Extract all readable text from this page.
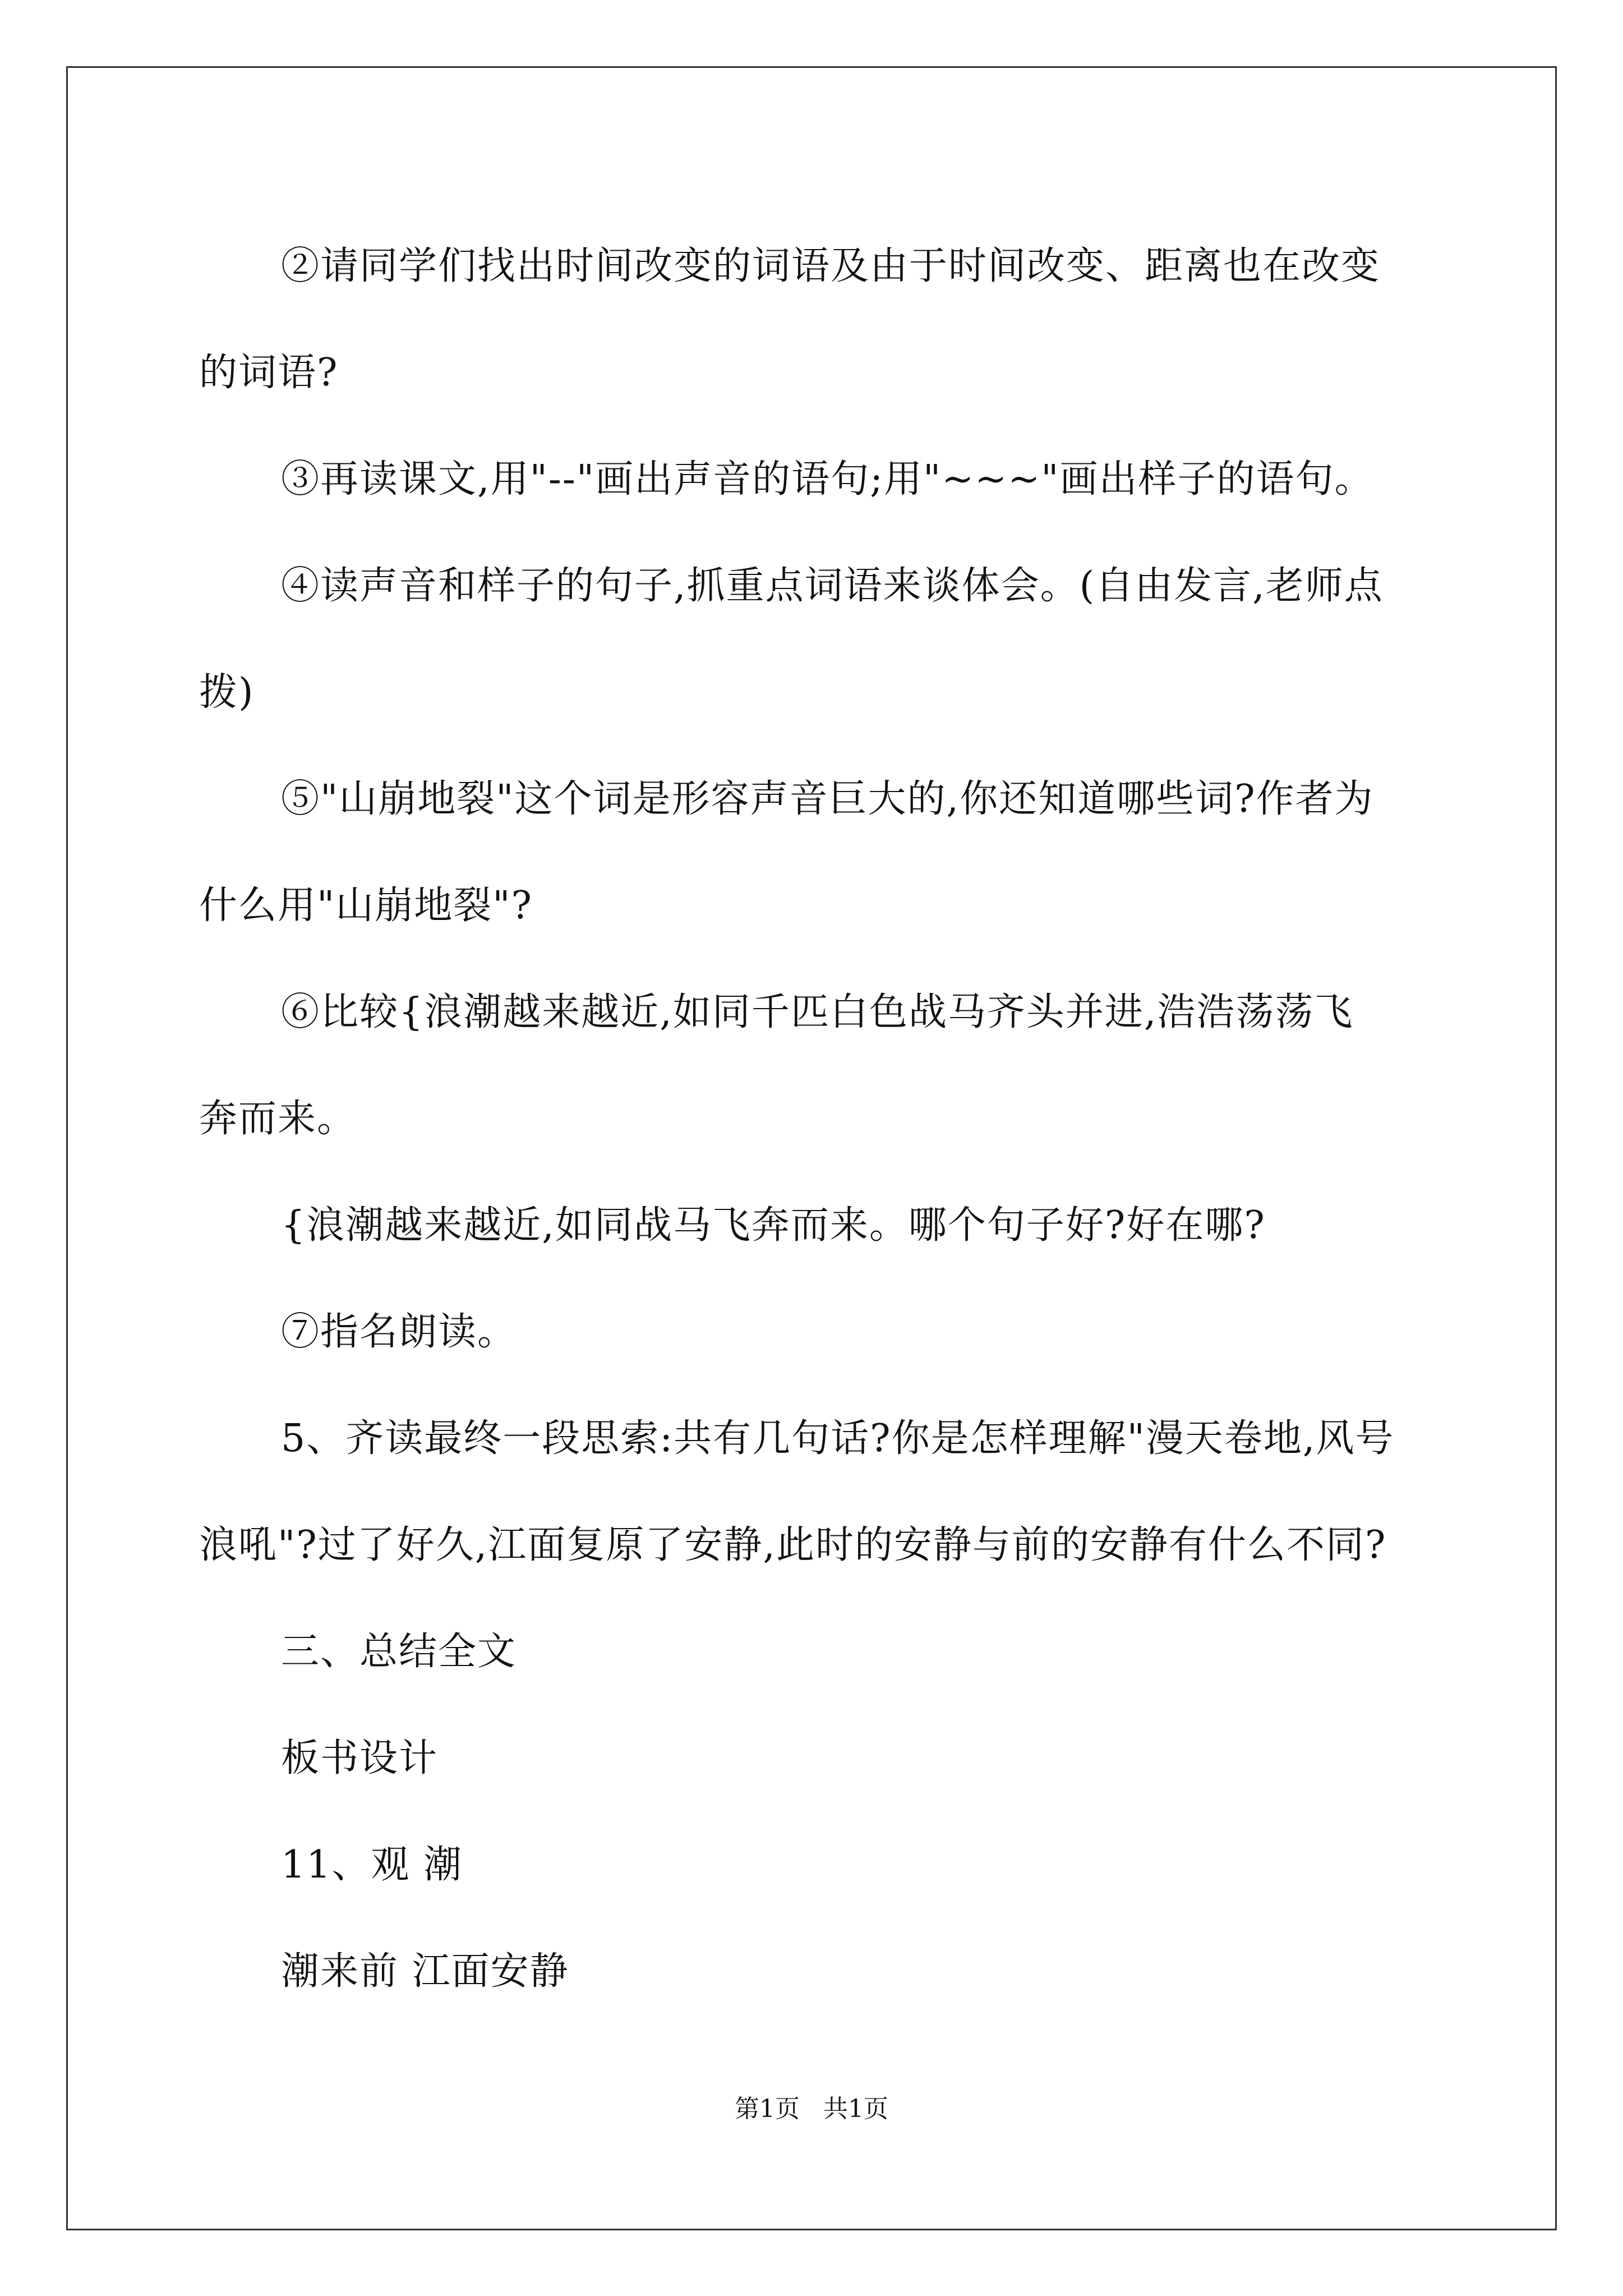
②请同学们找出时间改变的词语及由于时间改变、距离也在改变
的词语?
③再读课文,用"--"画出声音的语句;用"~~~"画出样子的语句。
④读声音和样子的句子,抓重点词语来谈体会。(自由发言,老师点
拨)
⑤"山崩地裂"这个词是形容声音巨大的,你还知道哪些词?作者为
什么用"山崩地裂"?
⑥比较{浪潮越来越近,如同千匹白色战马齐头并进,浩浩荡荡飞
奔而来。
{浪潮越来越近,如同战马飞奔而来。哪个句子好?好在哪?
⑦指名朗读。
5、齐读最终一段思索:共有几句话?你是怎样理解"漫天卷地,风号
浪吼"?过了好久,江面复原了安静,此时的安静与前的安静有什么不同?
三、总结全文
板书设计
11、观 潮
潮来前 江面安静
第1页   共1页
